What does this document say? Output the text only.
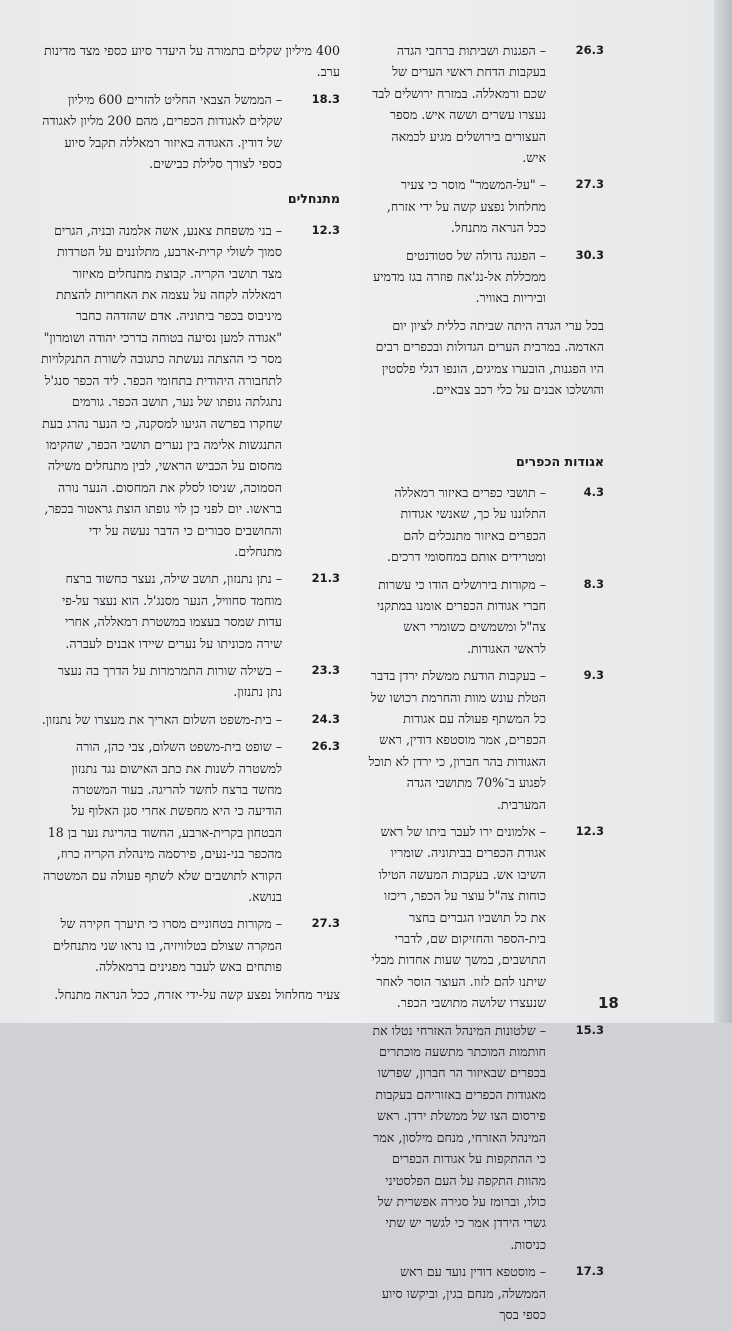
26.3
– הפגנות ושביתות ברחבי הגדה בעקבות הדחת ראשי הערים של שכם ורמאללה. במזרח ירושלים לבד נעצרו עשרים וששה איש. מספר העצורים בירושלים מגיע לכמאה איש.
27.3
– "על-המשמר" מוסר כי צעיר מחלחול נפצע קשה על ידי אזרח, ככל הנראה מתנחל.
30.3
– הפגנה גדולה של סטודנטים ממכללת אל-נג'אח פוזרה בגז מדמיע וביריות באוויר.
בכל ערי הגדה היתה שביתה כללית לציון יום האדמה. במרבית הערים הגדולות ובכפרים רבים היו הפגנות, הובערו צמיגים, הונפו דגלי פלסטין והושלכו אבנים על כלי רכב צבאיים.
אגודות הכפרים
4.3
– תושבי כפרים באיזור רמאללה התלוננו על כך, שאנשי אגודות הכפרים באיזור מתנכלים להם ומטרידים אותם במחסומי דרכים.
8.3
– מקורות בירושלים הודו כי עשרות חברי אגודות הכפרים אומנו במתקני צה"ל ומשמשים כשומרי ראש לראשי האגודות.
9.3
– בעקבות הודעת ממשלת ירדן בדבר הטלת עונש מוות והחרמת רכושו של כל המשתף פעולה עם אגודות הכפרים, אמר מוסטפא דודין, ראש האגודות בהר חברון, כי ירדן לא תוכל לפגוע ב־70% מתושבי הגדה המערבית.
12.3
– אלמונים ירו לעבר ביתו של ראש אגודת הכפרים בביתוניה. שומריו השיבו אש. בעקבות המעשה הטילו כוחות צה"ל עוצר על הכפר, ריכזו את כל תושביו הגברים בחצר בית-הספר והחזיקום שם, לדברי התושבים, במשך שעות אחדות מבלי שיתנו להם לזוז. העוצר הוסר לאחר שנעצרו שלושה מתושבי הכפר.
15.3
– שלטונות המינהל האזרחי נטלו את חותמות המוכתר מתשעה מוכתרים בכפרים שבאיזור הר חברון, שפרשו מאגודות הכפרים באזוריהם בעקבות פירסום הצו של ממשלת ירדן. ראש המינהל האזרחי, מנחם מילסון, אמר כי ההתקפות על אגודות הכפרים מהוות התקפה על העם הפלסטיני כולו, וברומז על סגירה אפשרית של גשרי הירדן אמר כי לגשר יש שתי כניסות.
17.3
– מוסטפא דודין נועד עם ראש הממשלה, מנחם בגין, וביקשו סיוע כספי בסך
400 מיליון שקלים בתמורה על היעדר סיוע כספי מצד מדינות ערב.
18.3
– הממשל הצבאי החליט להזרים 600 מיליון שקלים לאגודות הכפרים, מהם 200 מליון לאגודה של דודין. האגודה באיזור רמאללה תקבל סיוע כספי לצורך סלילת כבישים.
מתנחלים
12.3
– בני משפחת צאנע, אשה אלמנה ובניה, הגרים סמוך לשולי קרית-ארבע, מתלוננים על הטרדות מצד תושבי הקריה. קבוצת מתנחלים מאיזור רמאללה לקחה על עצמה את האחריות להצתת מיניבוס בכפר ביתוניה. אדם שהזדהה כחבר "אגודה למען נסיעה בטוחה בדרכי יהודה ושומרון" מסר כי ההצתה נעשתה כתגובה לשורת התנקלויות לתחבורה היהודית בתחומי הכפר. ליד הכפר סנג'ל נתגלתה גופתו של נער, תושב הכפר. גורמים שחקרו בפרשה הגיעו למסקנה, כי הנער נהרג בעת התנגשות אלימה בין נערים תושבי הכפר, שהקימו מחסום על הכביש הראשי, לבין מתנחלים משילה הסמוכה, שניסו לסלק את המחסום. הנער נורה בראשו. יום לפני כן לוי גופתו הוצת גראטור בכפר, והחושבים סבורים כי הדבר נעשה על ידי מתנחלים.
21.3
– נתן נתנזון, תושב שילה, נעצר כחשוד ברצח מוחמד סחוויל, הנער מסנג'ל. הוא נעצר על-פי עדות שמסר בעצמו במשטרת רמאללה, אחרי שירה מכוניתו על נערים שיידו אבנים לעברה.
23.3
– בשילה שורות התמרמרות על הדרך בה נעצר נתן נתנזון.
24.3
– בית-משפט השלום האריך את מעצרו של נתנזון.
26.3
– שופט בית-משפט השלום, צבי כהן, הורה למשטרה לשנות את כתב האישום נגד נתנזון מחשד ברצח לחשד להריגה. בעוד המשטרה הודיעה כי היא מחפשת אחרי סגן האלוף על הבטחון בקרית-ארבע, החשוד בהריגת נער בן 18 מהכפר בני-נעים, פירסמה מינהלת הקריה כרוז, הקורא לתושבים שלא לשתף פעולה עם המשטרה בנושא.
27.3
– מקורות בטחוניים מסרו כי תיערך חקירה של המקרה שצולם בטלוויזיה, בו נראו שני מתנחלים פותחים באש לעבר מפגינים ברמאללה.
צעיר מחלחול נפצע קשה על-ידי אזרח, ככל הנראה מתנחל.	18
